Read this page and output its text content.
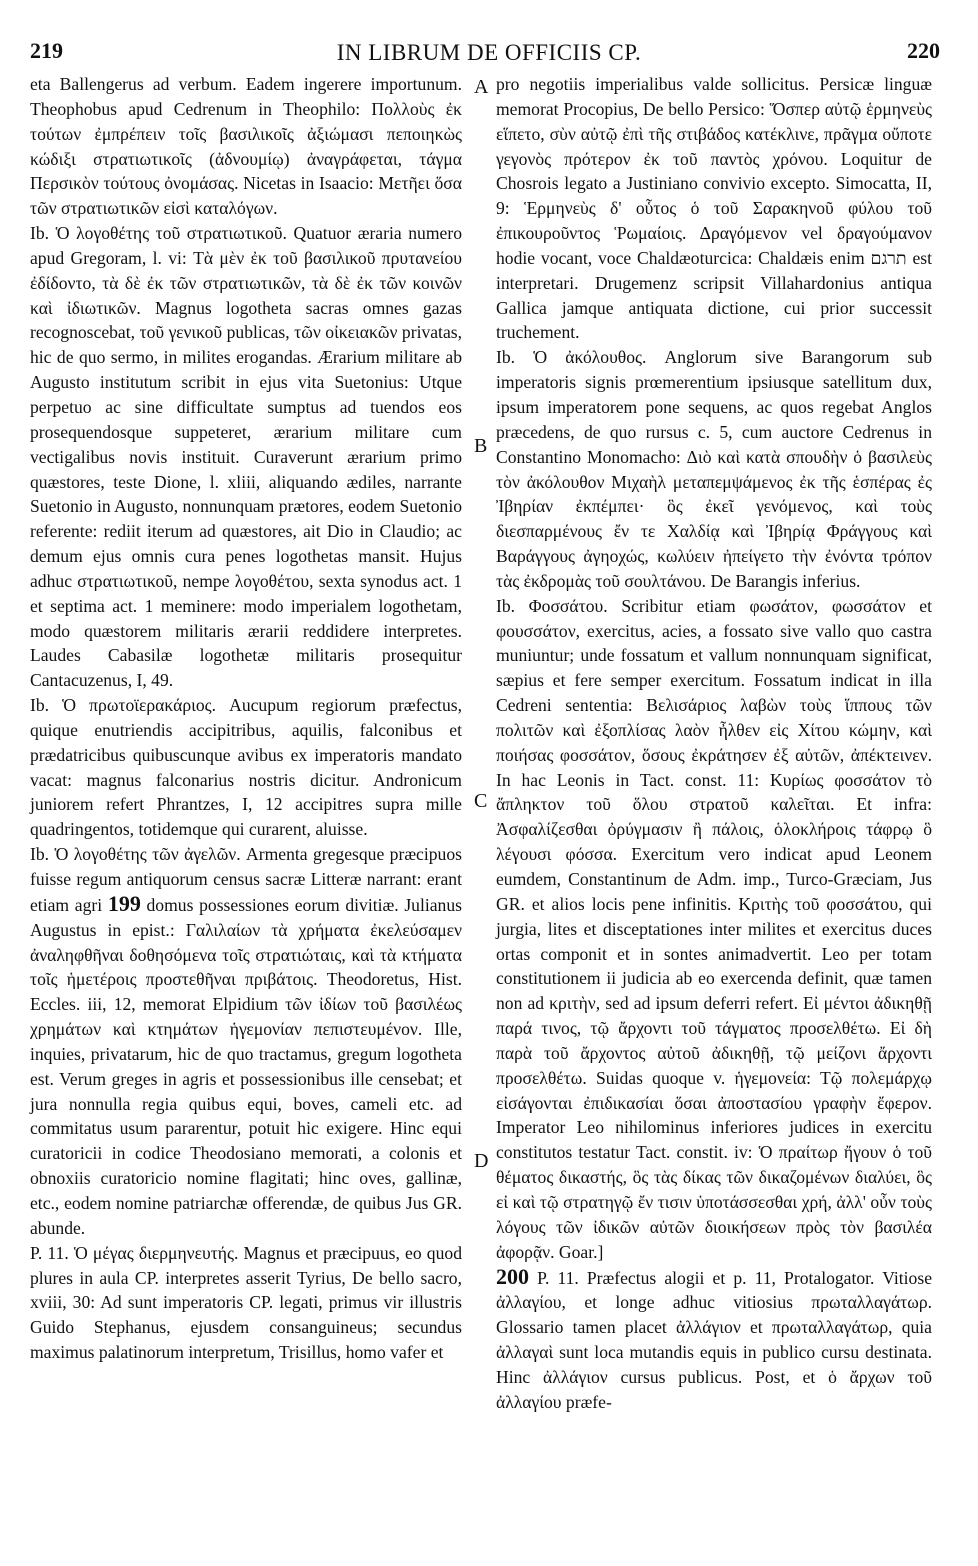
219	IN LIBRUM DE OFFICIIS CP.	220
A
B
C
D

eta Ballengerus ad verbum. Eadem ingerere importunum. Theophobus apud Cedrenum in Theophilo: Πολλοὺς ἐκ τούτων ἐμπρέπειν τοῖς βασιλικοῖς ἀξιώμασι πεποιηκὼς κώδιξι στρατιωτικοῖς (ἀδνουμίῳ) ἀναγράφεται, τάγμα Περσικὸν τούτους ὀνομάσας. Nicetas in Isaacio: Μετῆει ὅσα τῶν στρατιωτικῶν εἰσὶ καταλόγων.

Ib. Ὁ λογοθέτης τοῦ στρατιωτικοῦ. Quatuor æraria numero apud Gregoram, l. vi: Τὰ μὲν ἐκ τοῦ βασιλικοῦ πρυτανείου ἐδίδοντο, τὰ δὲ ἐκ τῶν στρατιωτικῶν, τὰ δὲ ἐκ τῶν κοινῶν καὶ ἰδιωτικῶν. Magnus logotheta sacras omnes gazas recognoscebat, τοῦ γενικοῦ publicas, τῶν οἰκειακῶν privatas, hic de quo sermo, in milites erogandas. Ærarium militare ab Augusto institutum scribit in ejus vita Suetonius: Utque perpetuo ac sine difficultate sumptus ad tuendos eos prosequendosque suppeteret, ærarium militare cum vectigalibus novis instituit. Curaverunt ærarium primo quæstores, teste Dione, l. xliii, aliquando ædiles, narrante Suetonio in Augusto, nonnunquam prætores, eodem Suetonio referente: rediit iterum ad quæstores, ait Dio in Claudio; ac demum ejus omnis cura penes logothetas mansit. Hujus adhuc στρατιωτικοῦ, nempe λογοθέτου, sexta synodus act. 1 et septima act. 1 meminere: modo imperialem logothetam, modo quæstorem militaris ærarii reddidere interpretes. Laudes Cabasilæ logothetæ militaris prosequitur Cantacuzenus, I, 49.

Ib. Ὁ πρωτοϊερακάριος. Aucupum regiorum præfectus, quique enutriendis accipitribus, aquilis, falconibus et prædatricibus quibuscunque avibus ex imperatoris mandato vacat: magnus falconarius nostris dicitur. Andronicum juniorem refert Phrantzes, I, 12 accipitres supra mille quadringentos, totidemque qui curarent, aluisse.

Ib. Ὁ λογοθέτης τῶν ἀγελῶν. Armenta gregesque præcipuos fuisse regum antiquorum census sacræ Litteræ narrant: erant etiam agri 199 domus possessiones eorum divitiæ. Julianus Augustus in epist.: Γαλιλαίων τὰ χρήματα ἐκελεύσαμεν ἀναληφθῆναι δοθησόμενα τοῖς στρατιώταις, καὶ τὰ κτήματα τοῖς ἡμετέροις προστεθῆναι πριβάτοις. Theodoretus, Hist. Eccles. iii, 12, memorat Elpidium τῶν ἰδίων τοῦ βασιλέως χρημάτων καὶ κτημάτων ἡγεμονίαν πεπιστευμένον. Ille, inquies, privatarum, hic de quo tractamus, gregum logotheta est. Verum greges in agris et possessionibus ille censebat; et jura nonnulla regia quibus equi, boves, cameli etc. ad commitatus usum pararentur, potuit hic exigere. Hinc equi curatoricii in codice Theodosiano memorati, a colonis et obnoxiis curatoricio nomine flagitati; hinc oves, gallinæ, etc., eodem nomine patriarchæ offerendæ, de quibus Jus GR. abunde.

P. 11. Ὁ μέγας διερμηνευτής. Magnus et præcipuus, eo quod plures in aula CP. interpretes asserit Tyrius, De bello sacro, xviii, 30: Ad sunt imperatoris CP. legati, primus vir illustris Guido Stephanus, ejusdem consanguineus; secundus maximus palatinorum interpretum, Trisillus, homo vafer et

pro negotiis imperialibus valde sollicitus. Persicæ linguæ memorat Procopius, De bello Persico: Ὅσπερ αὐτῷ ἑρμηνεὺς εἵπετο, σὺν αὐτῷ ἐπὶ τῆς στιβάδος κατέκλινε, πρᾶγμα οὔποτε γεγονὸς πρότερον ἐκ τοῦ παντὸς χρόνου. Loquitur de Chosrois legato a Justiniano convivio excepto. Simocatta, II, 9: Ἑρμηνεὺς δ' οὗτος ὁ τοῦ Σαρακηνοῦ φύλου τοῦ ἐπικουροῦντος Ῥωμαίοις. Δραγόμενον vel δραγούμανον hodie vocant, voce Chaldæoturcica: Chaldæis enim תרגם est interpretari. Drugemenz scripsit Villahardonius antiqua Gallica jamque antiquata dictione, cui prior successit truchement.

Ib. Ὁ ἀκόλουθος. Anglorum sive Barangorum sub imperatoris signis prœmerentium ipsiusque satellitum dux, ipsum imperatorem pone sequens, ac quos regebat Anglos præcedens, de quo rursus c. 5, cum auctore Cedrenus in Constantino Monomacho: Διὸ καὶ κατὰ σπουδὴν ὁ βασιλεὺς τὸν ἀκόλουθον Μιχαὴλ μεταπεμψάμενος ἐκ τῆς ἑσπέρας ἐς Ἰβηρίαν ἐκπέμπει· ὃς ἐκεῖ γενόμενος, καὶ τοὺς διεσπαρμένους ἔν τε Χαλδίᾳ καὶ Ἰβηρίᾳ Φράγγους καὶ Βαράγγους ἀγηοχώς, κωλύειν ἠπείγετο τὴν ἐνόντα τρόπον τὰς ἐκδρομὰς τοῦ σουλτάνου. De Barangis inferius.

Ib. Φοσσάτου. Scribitur etiam φωσάτον, φωσσάτον et φουσσάτον, exercitus, acies, a fossato sive vallo quo castra muniuntur; unde fossatum et vallum nonnunquam significat, sæpius et fere semper exercitum. Fossatum indicat in illa Cedreni sententia: Βελισάριος λαβὼν τοὺς ἵππους τῶν πολιτῶν καὶ ἐξοπλίσας λαὸν ἦλθεν εἰς Χίτου κώμην, καὶ ποιήσας φοσσάτον, ὅσους ἐκράτησεν ἐξ αὐτῶν, ἀπέκτεινεν. In hac Leonis in Tact. const. 11: Κυρίως φοσσάτον τὸ ἄπληκτον τοῦ ὅλου στρατοῦ καλεῖται. Et infra: Ἀσφαλίζεσθαι ὀρύγμασιν ἢ πάλοις, ὁλοκλήροις τάφρῳ ὃ λέγουσι φόσσα. Exercitum vero indicat apud Leonem eumdem, Constantinum de Adm. imp., Turco-Græciam, Jus GR. et alios locis pene infinitis. Κριτὴς τοῦ φοσσάτου, qui jurgia, lites et disceptationes inter milites et exercitus duces ortas componit et in sontes animadvertit. Leo per totam constitutionem ii judicia ab eo exercenda definit, quæ tamen non ad κριτὴν, sed ad ipsum deferri refert. Εἰ μέντοι ἀδικηθῇ παρά τινος, τῷ ἄρχοντι τοῦ τάγματος προσελθέτω. Εἰ δὴ παρὰ τοῦ ἄρχοντος αὐτοῦ ἀδικηθῇ, τῷ μείζονι ἄρχοντι προσελθέτω. Suidas quoque v. ἡγεμονεία: Τῷ πολεμάρχῳ εἰσάγονται ἐπιδικασίαι ὅσαι ἀποστασίου γραφὴν ἔφερον. Imperator Leo nihilominus inferiores judices in exercitu constitutos testatur Tact. constit. iv: Ὁ πραίτωρ ἤγουν ὁ τοῦ θέματος δικαστής, ὃς τὰς δίκας τῶν δικαζομένων διαλύει, ὃς εἰ καὶ τῷ στρατηγῷ ἔν τισιν ὑποτάσσεσθαι χρή, ἀλλ' οὖν τοὺς λόγους τῶν ἰδικῶν αὐτῶν διοικήσεων πρὸς τὸν βασιλέα ἀφορᾷν. Goar.]

200 P. 11. Præfectus alogii et p. 11, Protalogator. Vitiose ἀλλαγίου, et longe adhuc vitiosius πρωταλλαγάτωρ. Glossario tamen placet ἀλλάγιον et πρωταλλαγάτωρ, quia ἀλλαγαὶ sunt loca mutandis equis in publico cursu destinata. Hinc ἀλλάγιον cursus publicus. Post, et ὁ ἄρχων τοῦ ἀλλαγίου præfe-
